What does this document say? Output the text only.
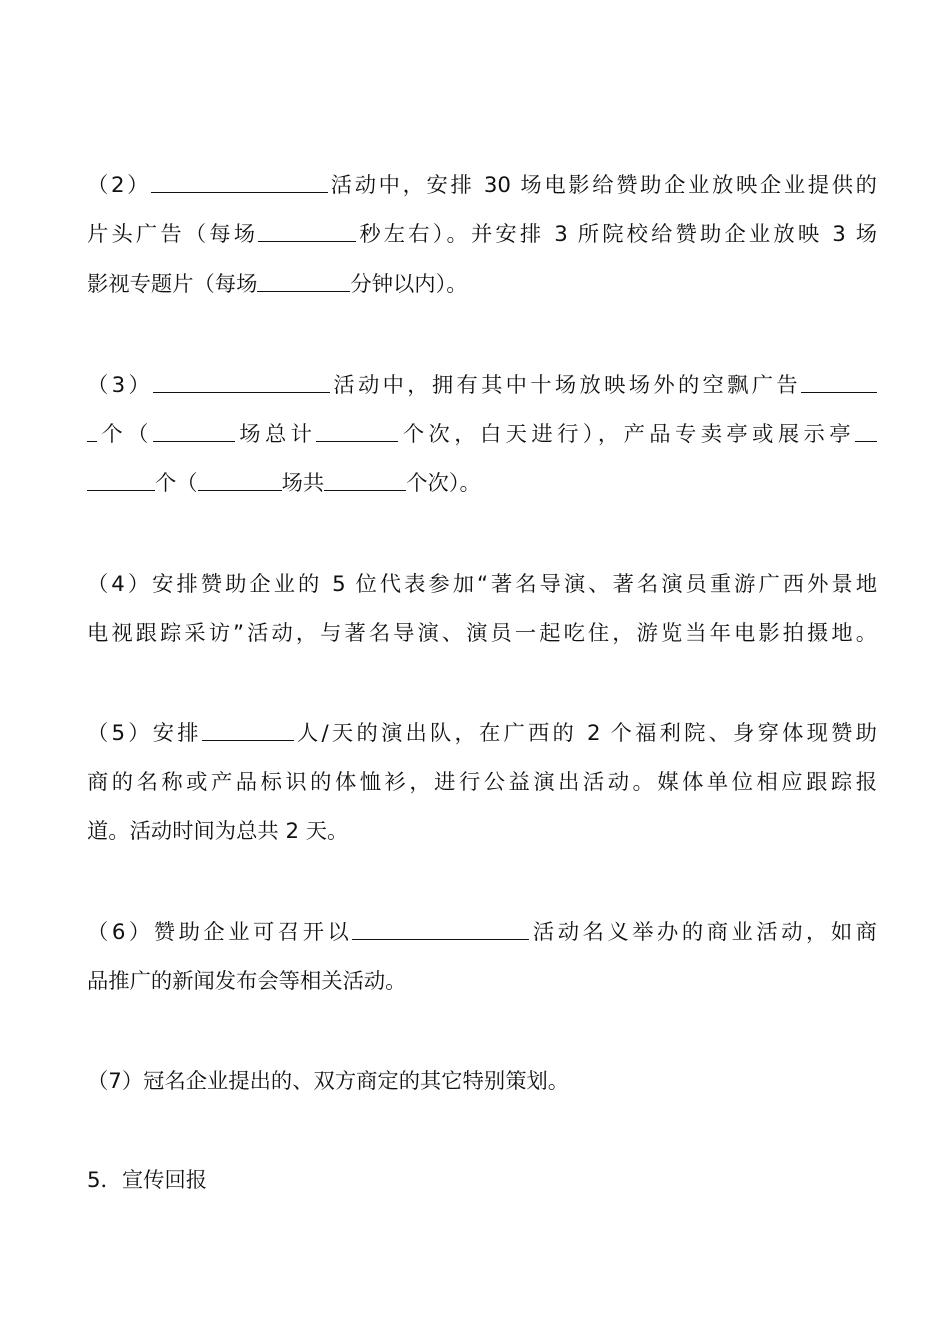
（2）	活动中，安排 30 场电影给赞助企业放映企业提供的
片头广告（每场	秒左右）。并安排 3 所院校给赞助企业放映 3 场
影视专题片（每场	分钟以内）。
（3）	活动中，拥有其中十场放映场外的空飘广告
个（	场总计	个次，白天进行），产品专卖亭或展示亭
个（	场共	个次）。
（4）安排赞助企业的 5 位代表参加“著名导演、著名演员重游广西外景地
电视跟踪采访”活动，与著名导演、演员一起吃住，游览当年电影拍摄地。
（5）安排	人/天的演出队，在广西的 2 个福利院、身穿体现赞助
商的名称或产品标识的体恤衫，进行公益演出活动。媒体单位相应跟踪报
道。活动时间为总共 2 天。
（6）赞助企业可召开以	活动名义举办的商业活动，如商
品推广的新闻发布会等相关活动。
（7）冠名企业提出的、双方商定的其它特别策划。
5．宣传回报
